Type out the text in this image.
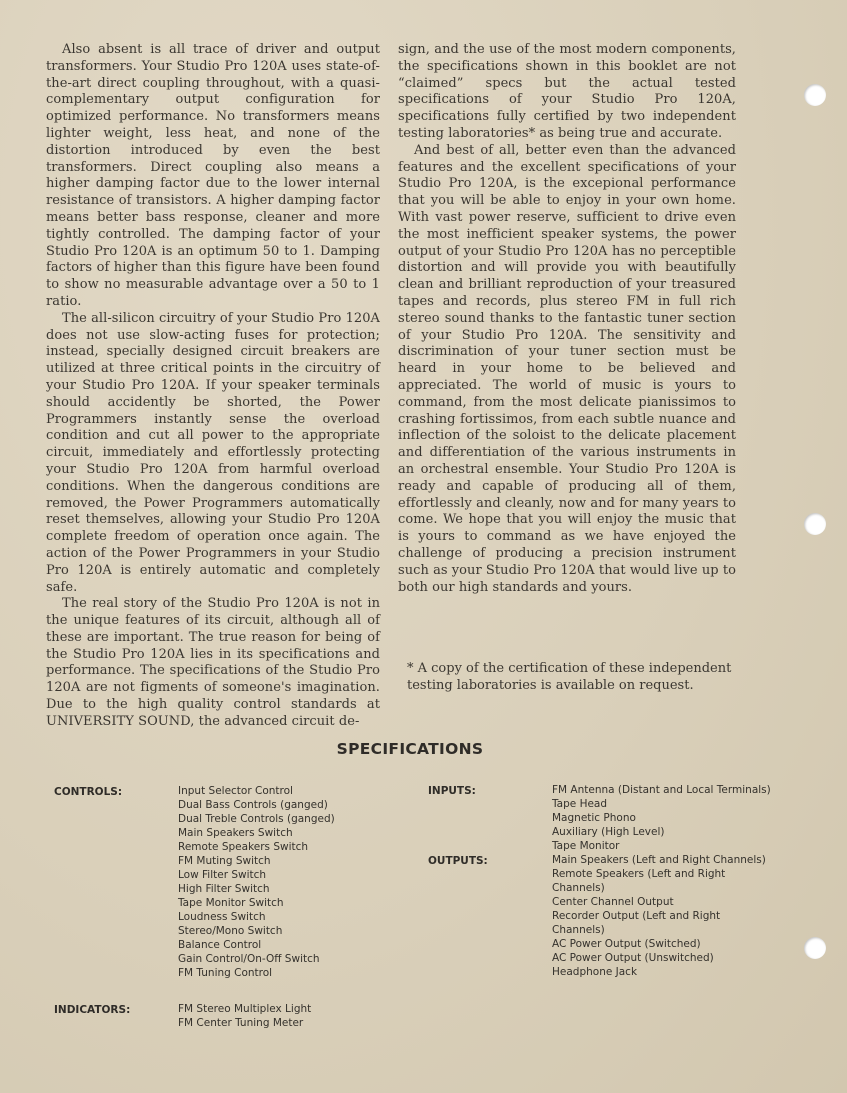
Also absent is all trace of driver and output transformers. Your Studio Pro 120A uses state-of-the-art direct coupling throughout, with a quasi-complementary output configuration for optimized performance. No transformers means lighter weight, less heat, and none of the distortion introduced by even the best transformers. Direct coupling also means a higher damping factor due to the lower internal resistance of transistors. A higher damping factor means better bass response, cleaner and more tightly controlled. The damping factor of your Studio Pro 120A is an optimum 50 to 1. Damping factors of higher than this figure have been found to show no measurable advantage over a 50 to 1 ratio.

The all-silicon circuitry of your Studio Pro 120A does not use slow-acting fuses for protection; instead, specially designed circuit breakers are utilized at three critical points in the circuitry of your Studio Pro 120A. If your speaker terminals should accidently be shorted, the Power Programmers instantly sense the overload condition and cut all power to the appropriate circuit, immediately and effortlessly protecting your Studio Pro 120A from harmful overload conditions. When the dangerous conditions are removed, the Power Programmers automatically reset themselves, allowing your Studio Pro 120A complete freedom of operation once again. The action of the Power Programmers in your Studio Pro 120A is entirely automatic and completely safe.

The real story of the Studio Pro 120A is not in the unique features of its circuit, although all of these are important. The true reason for being of the Studio Pro 120A lies in its specifications and performance. The specifications of the Studio Pro 120A are not figments of someone's imagination. Due to the high quality control standards at UNIVERSITY SOUND, the advanced circuit de-

sign, and the use of the most modern components, the specifications shown in this booklet are not “claimed” specs but the actual tested specifications of your Studio Pro 120A, specifications fully certified by two independent testing laboratories* as being true and accurate.

And best of all, better even than the advanced features and the excellent specifications of your Studio Pro 120A, is the excepional performance that you will be able to enjoy in your own home. With vast power reserve, sufficient to drive even the most inefficient speaker systems, the power output of your Studio Pro 120A has no perceptible distortion and will provide you with beautifully clean and brilliant reproduction of your treasured tapes and records, plus stereo FM in full rich stereo sound thanks to the fantastic tuner section of your Studio Pro 120A. The sensitivity and discrimination of your tuner section must be heard in your home to be believed and appreciated. The world of music is yours to command, from the most delicate pianissimos to crashing fortissimos, from each subtle nuance and inflection of the soloist to the delicate placement and differentiation of the various instruments in an orchestral ensemble. Your Studio Pro 120A is ready and capable of producing all of them, effortlessly and cleanly, now and for many years to come. We hope that you will enjoy the music that is yours to command as we have enjoyed the challenge of producing a precision instrument such as your Studio Pro 120A that would live up to both our high standards and yours.

* A copy of the certification of these independent
testing laboratories is available on request.
SPECIFICATIONS
CONTROLS:	Input Selector Control
Dual Bass Controls (ganged)
Dual Treble Controls (ganged)
Main Speakers Switch
Remote Speakers Switch
FM Muting Switch
Low Filter Switch
High Filter Switch
Tape Monitor Switch
Loudness Switch
Stereo/Mono Switch
Balance Control
Gain Control/On-Off Switch
FM Tuning Control
INDICATORS:	FM Stereo Multiplex Light
FM Center Tuning Meter
INPUTS:	FM Antenna (Distant and Local Terminals)
Tape Head
Magnetic Phono
Auxiliary (High Level)
Tape Monitor
OUTPUTS:	Main Speakers (Left and Right Channels)
Remote Speakers (Left and Right
Channels)
Center Channel Output
Recorder Output (Left and Right
Channels)
AC Power Output (Switched)
AC Power Output (Unswitched)
Headphone Jack
